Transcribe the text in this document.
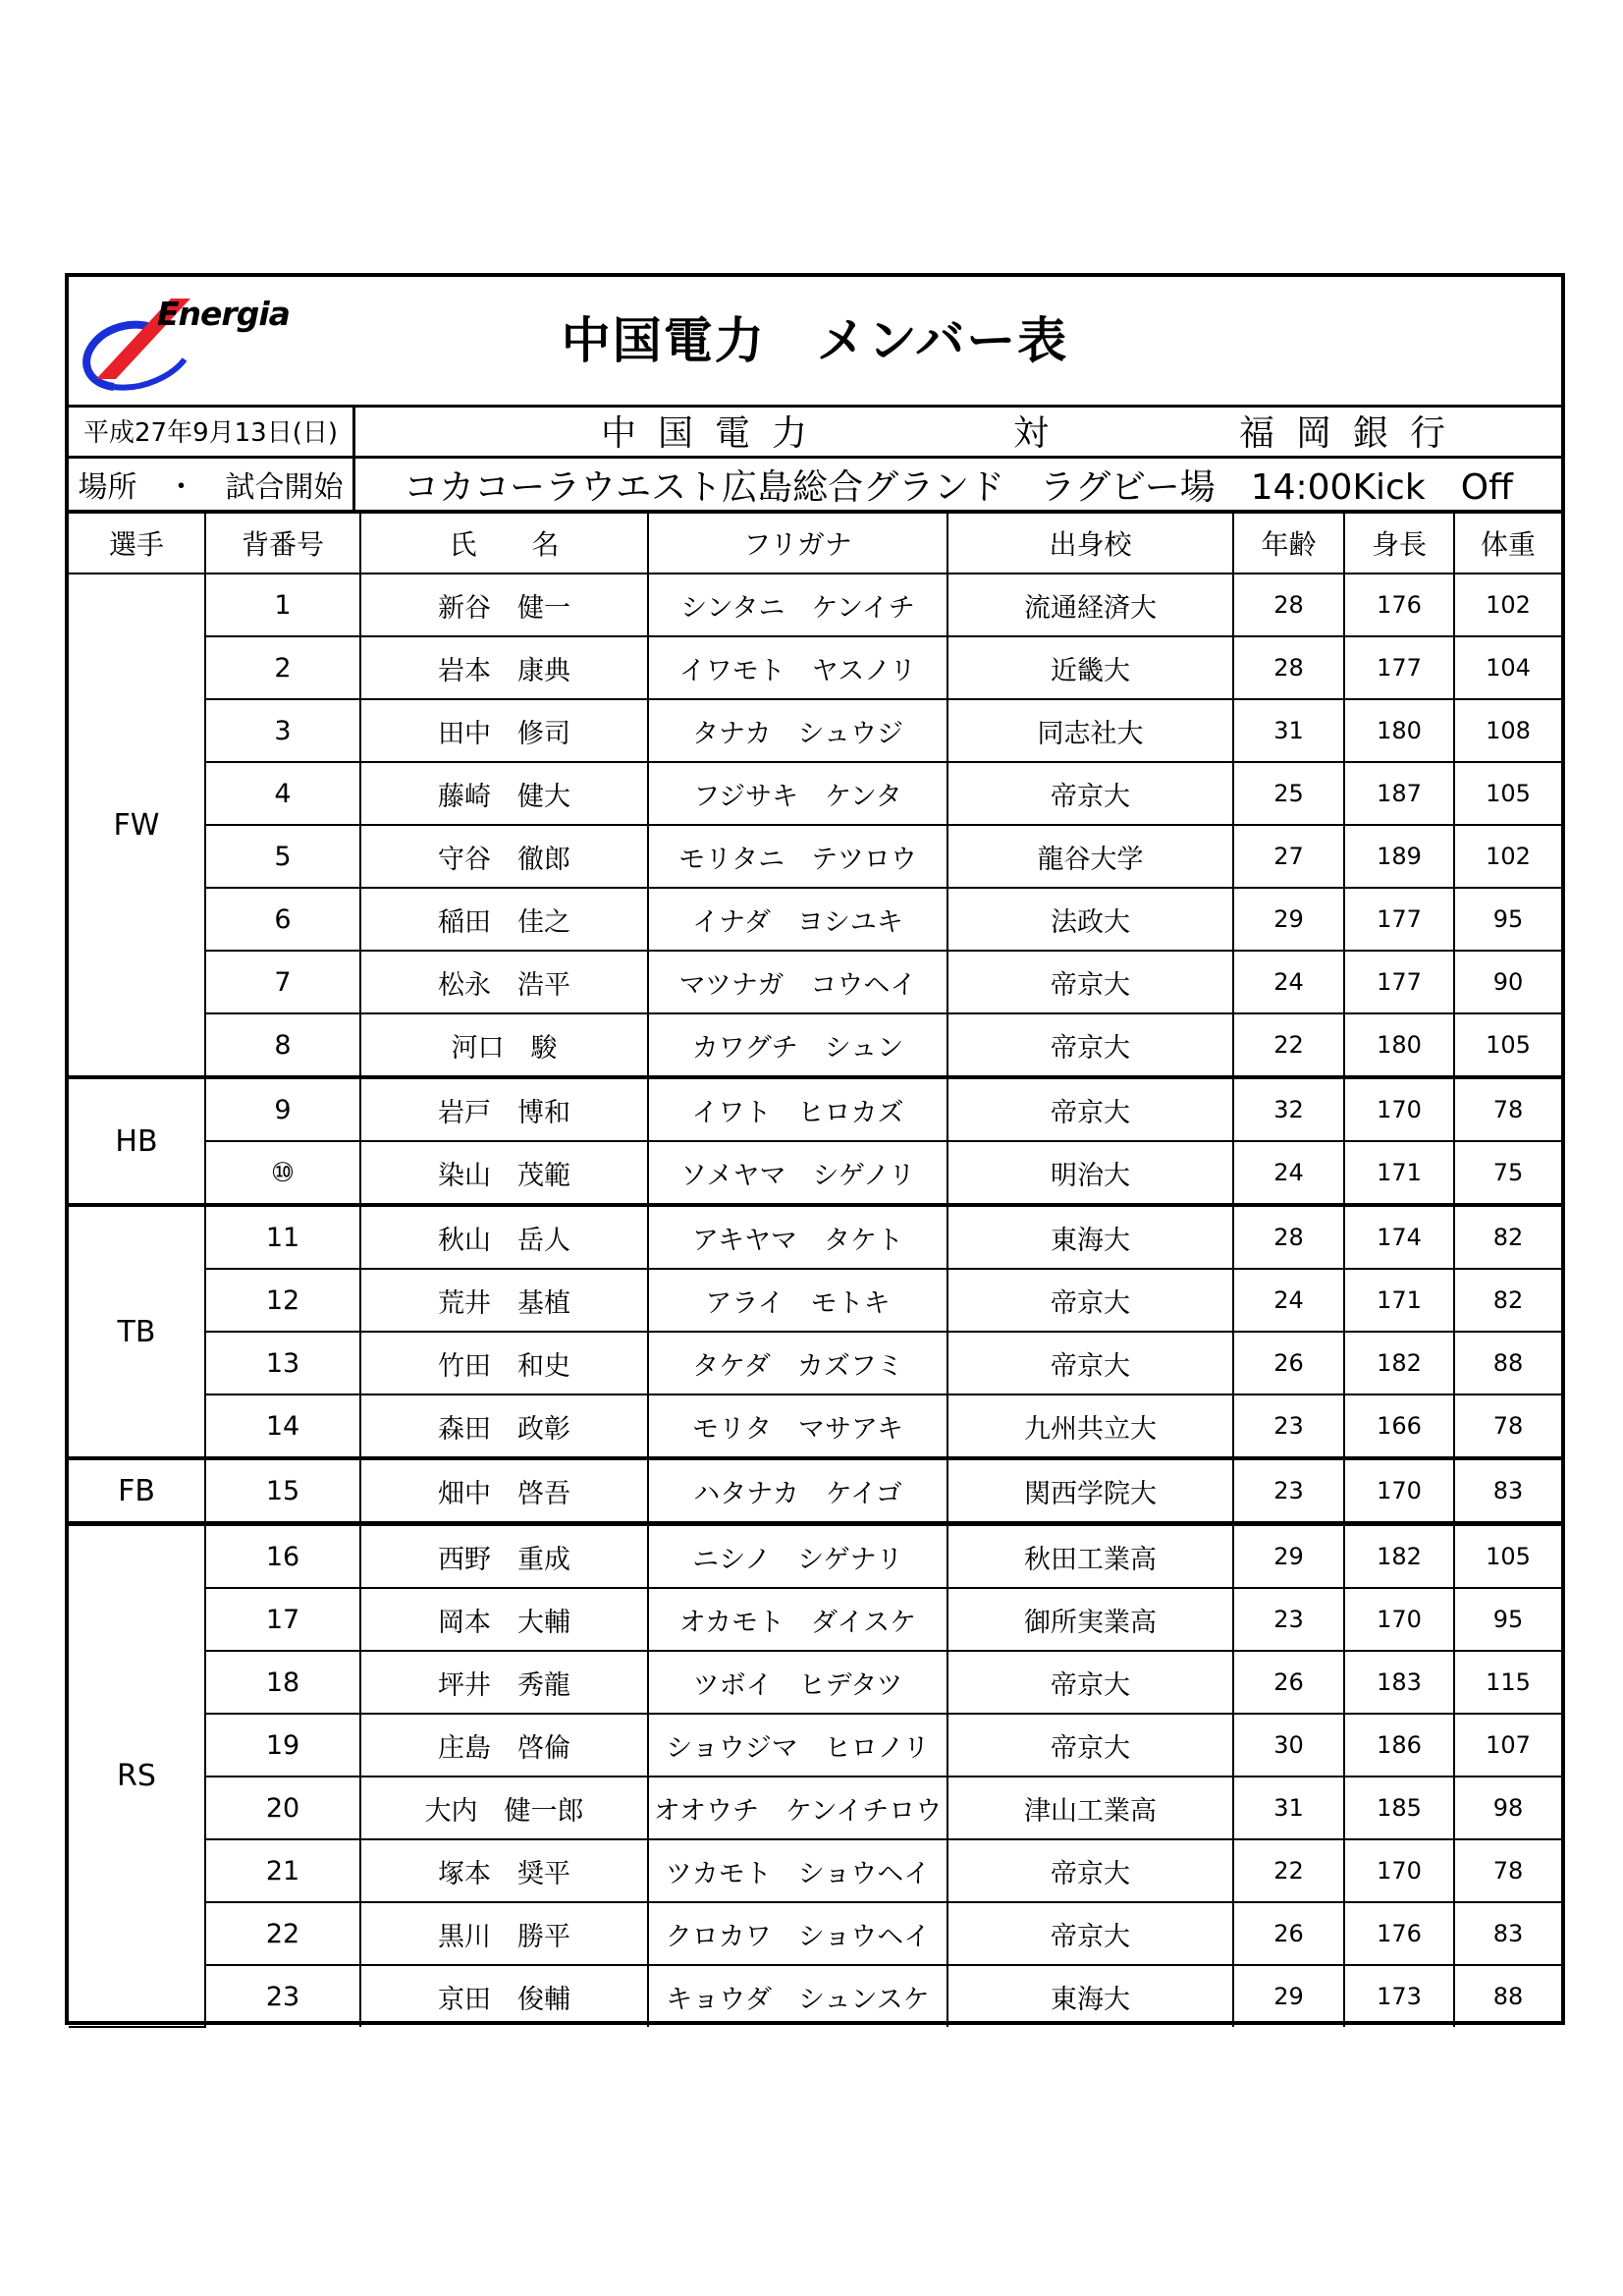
Energia	中国電力　メンバー表
平成27年9月13日(日)	中国電力	対	福岡銀行
場所　・　試合開始	コカコーラウエスト広島総合グランド　ラグビー場　14:00Kick　Off
選手	背番号	氏　　名	フリガナ	出身校	年齢	身長	体重
FW	1	新谷　健一	シンタニ　ケンイチ	流通経済大	28	176	102
	2	岩本　康典	イワモト　ヤスノリ	近畿大	28	177	104
	3	田中　修司	タナカ　シュウジ	同志社大	31	180	108
	4	藤崎　健大	フジサキ　ケンタ	帝京大	25	187	105
	5	守谷　徹郎	モリタニ　テツロウ	龍谷大学	27	189	102
	6	稲田　佳之	イナダ　ヨシユキ	法政大	29	177	95
	7	松永　浩平	マツナガ　コウヘイ	帝京大	24	177	90
	8	河口　駿	カワグチ　シュン	帝京大	22	180	105
HB	9	岩戸　博和	イワト　ヒロカズ	帝京大	32	170	78
	⑩	染山　茂範	ソメヤマ　シゲノリ	明治大	24	171	75
TB	11	秋山　岳人	アキヤマ　タケト	東海大	28	174	82
	12	荒井　基植	アライ　モトキ	帝京大	24	171	82
	13	竹田　和史	タケダ　カズフミ	帝京大	26	182	88
	14	森田　政彰	モリタ　マサアキ	九州共立大	23	166	78
FB	15	畑中　啓吾	ハタナカ　ケイゴ	関西学院大	23	170	83
RS	16	西野　重成	ニシノ　シゲナリ	秋田工業高	29	182	105
	17	岡本　大輔	オカモト　ダイスケ	御所実業高	23	170	95
	18	坪井　秀龍	ツボイ　ヒデタツ	帝京大	26	183	115
	19	庄島　啓倫	ショウジマ　ヒロノリ	帝京大	30	186	107
	20	大内　健一郎	オオウチ　ケンイチロウ	津山工業高	31	185	98
	21	塚本　奨平	ツカモト　ショウヘイ	帝京大	22	170	78
	22	黒川　勝平	クロカワ　ショウヘイ	帝京大	26	176	83
	23	京田　俊輔	キョウダ　シュンスケ	東海大	29	173	88
